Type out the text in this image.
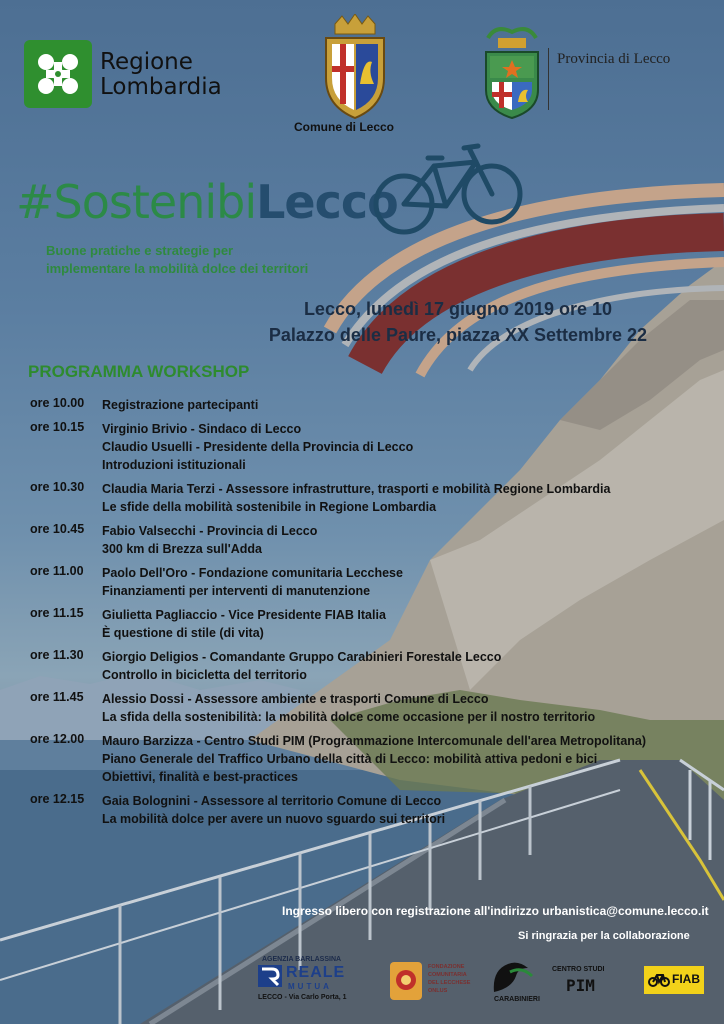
Regione
Lombardia
Comune di Lecco
Provincia di Lecco
#SostenibiLecco
Buone pratiche e strategie per
implementare la mobilità dolce dei territori
Lecco, lunedì 17 giugno 2019 ore 10
Palazzo delle Paure, piazza XX Settembre 22
PROGRAMMA WORKSHOP
ore 10.00	Registrazione partecipanti
ore 10.15	Virginio Brivio - Sindaco di Lecco
Claudio Usuelli - Presidente della Provincia di Lecco
Introduzioni istituzionali
ore 10.30	Claudia Maria Terzi - Assessore infrastrutture, trasporti e mobilità Regione Lombardia
Le sfide della mobilità sostenibile in Regione Lombardia
ore 10.45	Fabio Valsecchi - Provincia di Lecco
300 km di Brezza sull'Adda
ore 11.00	Paolo Dell'Oro - Fondazione comunitaria Lecchese
Finanziamenti per interventi di manutenzione
ore 11.15	Giulietta Pagliaccio - Vice Presidente FIAB Italia
È questione di stile (di vita)
ore 11.30	Giorgio Deligios - Comandante Gruppo Carabinieri Forestale Lecco
Controllo in bicicletta del territorio
ore 11.45	Alessio Dossi - Assessore ambiente e trasporti Comune di Lecco
La sfida della sostenibilità: la mobilità dolce come occasione per il nostro territorio
ore 12.00	Mauro Barzizza - Centro Studi PIM (Programmazione Intercomunale dell'area Metropolitana)
Piano Generale del Traffico Urbano della città di Lecco: mobilità attiva pedoni e bici
Obiettivi, finalità e best-practices
ore 12.15	Gaia Bolognini - Assessore al territorio Comune di Lecco
La mobilità dolce per avere un nuovo sguardo sui territori
Ingresso libero con registrazione all'indirizzo urbanistica@comune.lecco.it
Si ringrazia per la collaborazione
AGENZIA BARLASSINA
REALE
MUTUA
LECCO - Via Carlo Porta, 1
FONDAZIONE
COMUNITARIA
DEL LECCHESE
ONLUS
CARABINIERI
CENTRO STUDI
PIM	FIAB
